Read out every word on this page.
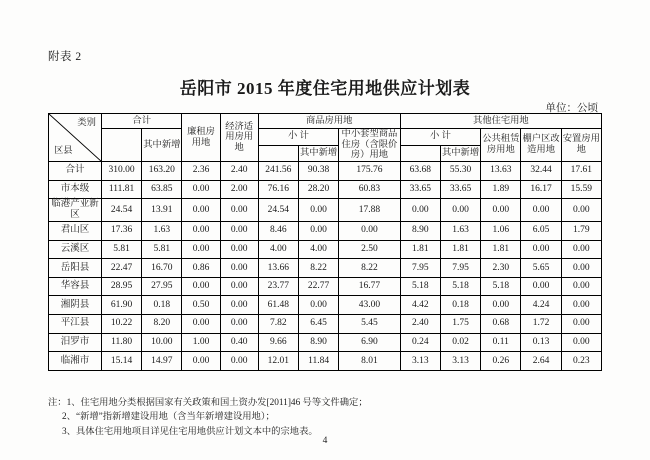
附表 2
岳阳市 2015 年度住宅用地供应计划表
单位：公顷
类别
区县	合计		廉租房用地	经济适用房用地	商品房用地			其他住宅用地				
		其中新增			小 计		中小套型商品住房（含限价房）用地	小 计		公共租赁房用地	棚户区改造用地	安置房用地
						其中新增			其中新增			
合计	310.00	163.20	2.36	2.40	241.56	90.38	175.76	63.68	55.30	13.63	32.44	17.61
市本级	111.81	63.85	0.00	2.00	76.16	28.20	60.83	33.65	33.65	1.89	16.17	15.59
临港产业新区	24.54	13.91	0.00	0.00	24.54	0.00	17.88	0.00	0.00	0.00	0.00	0.00
君山区	17.36	1.63	0.00	0.00	8.46	0.00	0.00	8.90	1.63	1.06	6.05	1.79
云溪区	5.81	5.81	0.00	0.00	4.00	4.00	2.50	1.81	1.81	1.81	0.00	0.00
岳阳县	22.47	16.70	0.86	0.00	13.66	8.22	8.22	7.95	7.95	2.30	5.65	0.00
华容县	28.95	27.95	0.00	0.00	23.77	22.77	16.77	5.18	5.18	5.18	0.00	0.00
湘阴县	61.90	0.18	0.50	0.00	61.48	0.00	43.00	4.42	0.18	0.00	4.24	0.00
平江县	10.22	8.20	0.00	0.00	7.82	6.45	5.45	2.40	1.75	0.68	1.72	0.00
汨罗市	11.80	10.00	1.00	0.40	9.66	8.90	6.90	0.24	0.02	0.11	0.13	0.00
临湘市	15.14	14.97	0.00	0.00	12.01	11.84	8.01	3.13	3.13	0.26	2.64	0.23
注：1、住宅用地分类根据国家有关政策和国土资办发[2011]46 号等文件确定；
2、“新增”指新增建设用地（含当年新增建设用地）；
3、具体住宅用地项目详见住宅用地供应计划文本中的宗地表。
4
